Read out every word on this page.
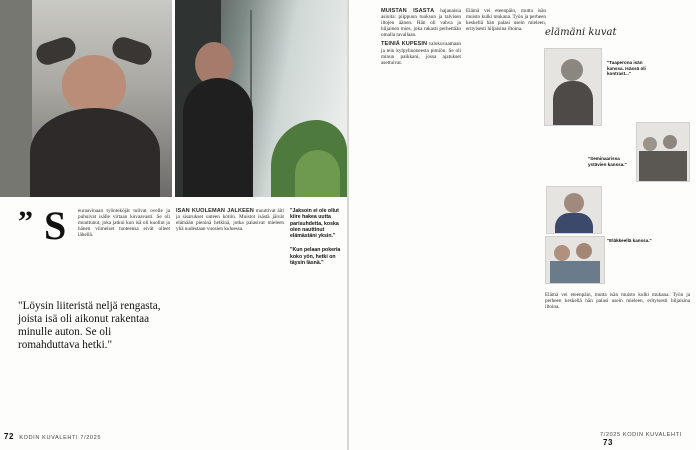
” S euraavinaan työnteköjät tulivat ovelle ja puhuivat isälle virtaan kuvaavasti. Se oli muuttunut, joka jatkui kun isä oli kuollut ja hänen viimeiset tunteensa eivät olleet lähellä.

"Löysin liiteristä neljä rengasta, joista isä oli aikonut rakentaa minulle auton. Se oli romahduttava hetki."

ISÄN KUOLEMAN JÄLKEEN muuttivat äiti ja sisarukset uuteen kotiin. Muistot isästä jäivät elämään pieninä hetkinä, jotka palasivat mieleen yhä uudestaan vuosien kuluessa.

"Jaksoin ei ole ollut kiire hakea uutta parisuhdetta, koska olen nauttinut elämästäni yksin."

"Kun pelaan pokeria koko yön, hetki on täysin läsnä."

72 KODIN KUVALEHTI 7/2025

MUISTAN ISÄSTÄ hajanaisia asioita: piippuun tuoksun ja talvisen iltojen äänen. Hän oli vahva ja hiljainen mies, joka rakasti perhettään omalla tavallaan.

TEINIÄ KUPESIN valokuvaamaan ja tein kylpyhuoneesta pimiön. Se oli minun paikkani, jossa ajatukset asettuivat.

Elämä vei eteenpäin, mutta isän muisto kulki mukana. Työn ja perheen keskellä hän palasi usein mieleen, erityisesti hiljaisina iltoina.	elämäni kuvat
"Taaperona isän kanssa. Isässä oli kontrast..."
"Seminaarissa ystävien kanssa."
"Eläkkeellä kanssa."

Elämä vei eteenpäin, mutta isän muisto kulki mukana. Työn ja perheen keskellä hän palasi usein mieleen, erityisesti hiljaisina iltoina.

7/2025 KODIN KUVALEHTI 73
